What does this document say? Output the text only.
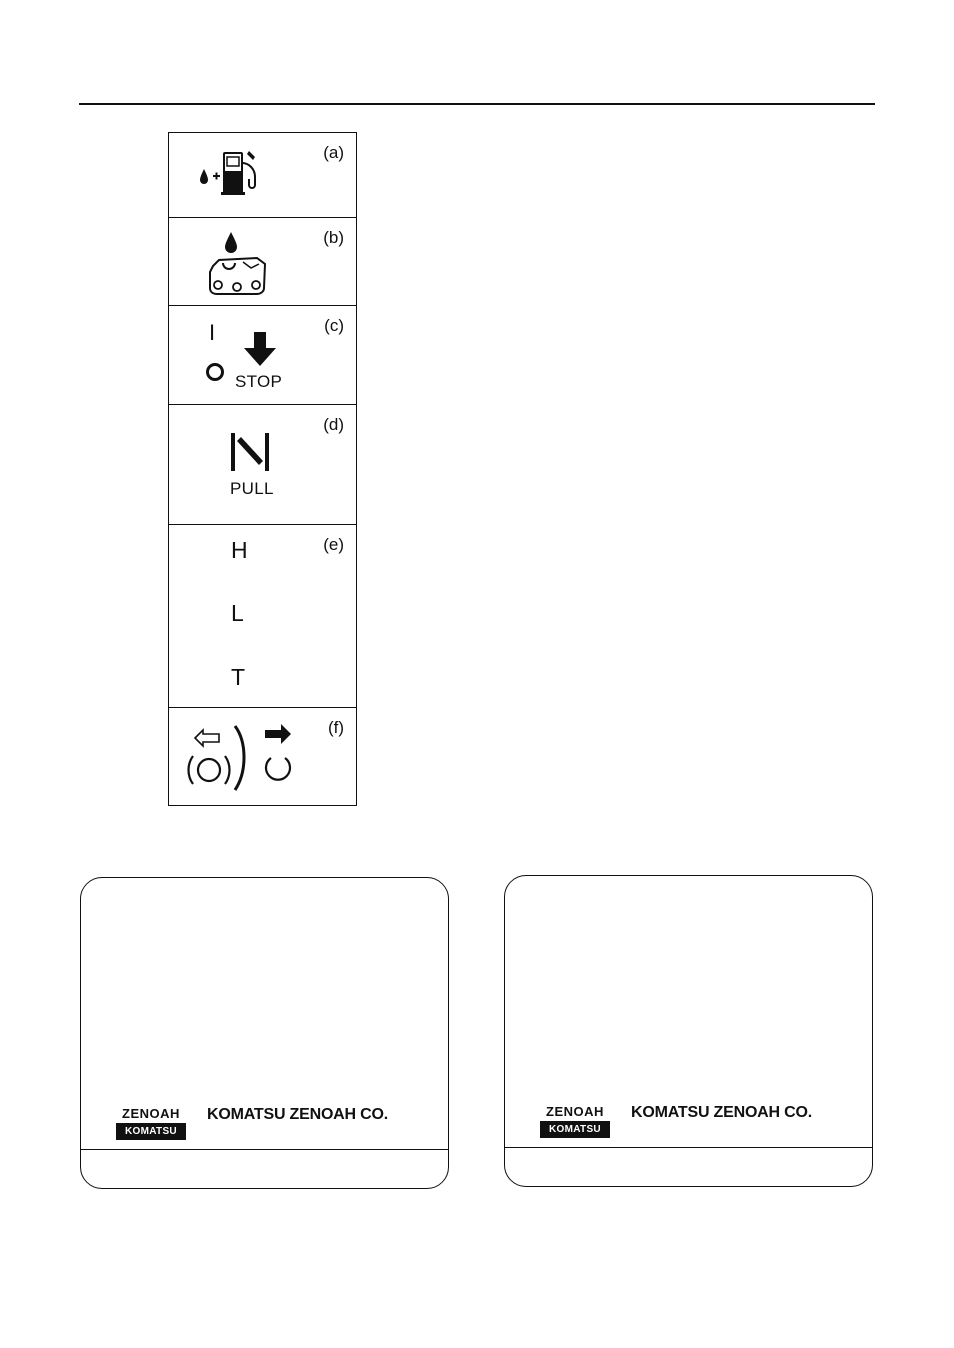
(a)
(b)
(c)
I
STOP
(d)
PULL
(e)
H
L
T
(f)
ZENOAH
KOMATSU
KOMATSU ZENOAH CO.	ZENOAH
KOMATSU
KOMATSU ZENOAH CO.
